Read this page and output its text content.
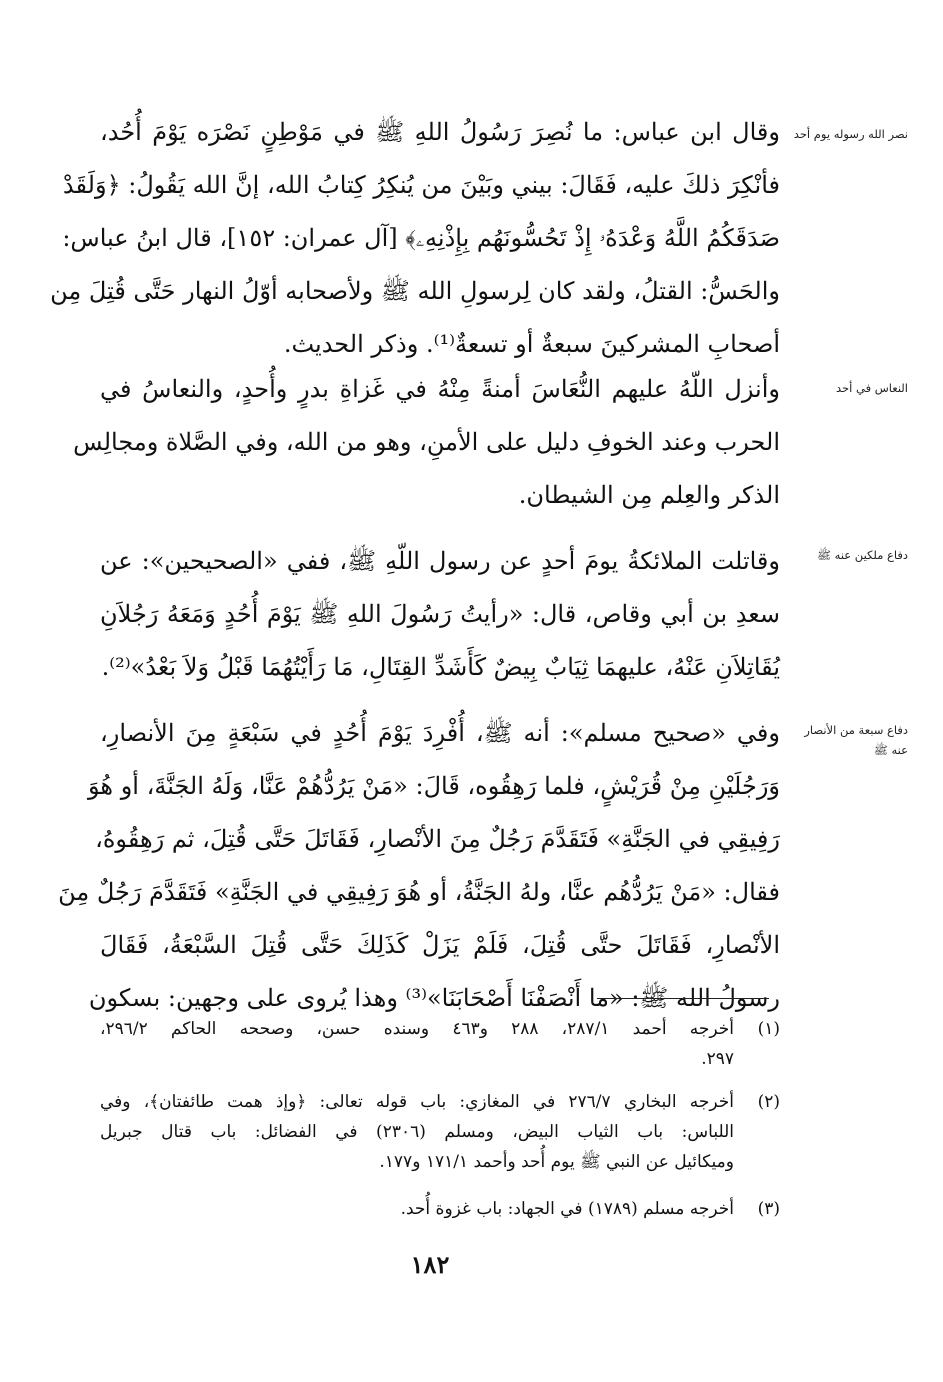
نصر الله رسوله يوم أحد
النعاس في أحد
دفاع ملكين عنه ﷺ
دفاع سبعة من الأنصار عنه ﷺ
وقال ابن عباس: ما نُصِرَ رَسُولُ اللهِ ﷺ في مَوْطِنٍ نَصْرَه يَوْمَ أُحُد،
فأنْكِرَ ذلكَ عليه، فَقَالَ: بيني وبَيْنَ من يُنكِرُ كِتابُ الله، إنَّ الله يَقُولُ: ﴿وَلَقَدْ
صَدَقَكُمُ اللَّهُ وَعْدَهُۥ إِذْ تَحُسُّونَهُم بِإِذْنِهِۦ﴾ [آل عمران: ١٥٢]، قال ابنُ عباس:
والحَسُّ: القتلُ، ولقد كان لِرسولِ الله ﷺ ولأصحابه أوّلُ النهار حَتَّى قُتِلَ مِن
أصحابِ المشركينَ سبعةٌ أو تسعةٌ⁽¹⁾. وذكر الحديث.
وأنزل اللّهُ عليهم النُّعَاسَ أمنةً مِنْهُ في غَزاةِ بدرٍ وأُحدٍ، والنعاسُ في
الحرب وعند الخوفِ دليل على الأمنِ، وهو من الله، وفي الصَّلاة ومجالِس
الذكر والعِلم مِن الشيطان.
وقاتلت الملائكةُ يومَ أحدٍ عن رسول اللّهِ ﷺ، ففي «الصحيحين»: عن
سعدِ بن أبي وقاص، قال: «رأيتُ رَسُولَ اللهِ ﷺ يَوْمَ أُحُدٍ وَمَعَهُ رَجُلاَنِ
يُقَاتِلاَنِ عَنْهُ، عليهمَا ثِيَابٌ بِيضٌ كَأَشَدِّ القِتَالِ، مَا رَأَيْتُهُمَا قَبْلُ وَلاَ بَعْدُ»⁽²⁾.
وفي «صحيح مسلم»: أنه ﷺ، أُفْرِدَ يَوْمَ أُحُدٍ في سَبْعَةٍ مِنَ الأنصارِ،
وَرَجُلَيْنِ مِنْ قُرَيْشٍ، فلما رَهِقُوه، قَالَ: «مَنْ يَرُدُّهُمْ عَنَّا، وَلَهُ الجَنَّةَ، أو هُوَ
رَفِيقِي في الجَنَّةِ» فَتَقَدَّمَ رَجُلٌ مِنَ الأنْصارِ، فَقَاتَلَ حَتَّى قُتِلَ، ثم رَهِقُوهُ،
فقال: «مَنْ يَرُدُّهُم عنَّا، ولهُ الجَنَّةُ، أو هُوَ رَفِيقِي في الجَنَّةِ» فَتَقَدَّمَ رَجُلٌ مِنَ
الأنْصارِ، فَقَاتَلَ حتَّى قُتِلَ، فَلَمْ يَزَلْ كَذَلِكَ حَتَّى قُتِلَ السَّبْعَةُ، فَقَالَ
رسولُ الله ﷺ: «ما أَنْصَفْنَا أَصْحَابَنَا»⁽³⁾ وهذا يُروى على وجهين: بسكون
(١)
أخرجه أحمد ٢٨٧/١، ٢٨٨ و٤٦٣ وسنده حسن، وصححه الحاكم ٢٩٦/٢،
٢٩٧.
(٢)
أخرجه البخاري ٢٧٦/٧ في المغازي: باب قوله تعالى: ﴿وإذ همت طائفتان﴾، وفي
اللباس: باب الثياب البيض، ومسلم (٢٣٠٦) في الفضائل: باب قتال جبريل
وميكائيل عن النبي ﷺ يوم أُحد وأحمد ١٧١/١ و١٧٧.
(٣)
أخرجه مسلم (١٧٨٩) في الجهاد: باب غزوة أُحد.
١٨٢
